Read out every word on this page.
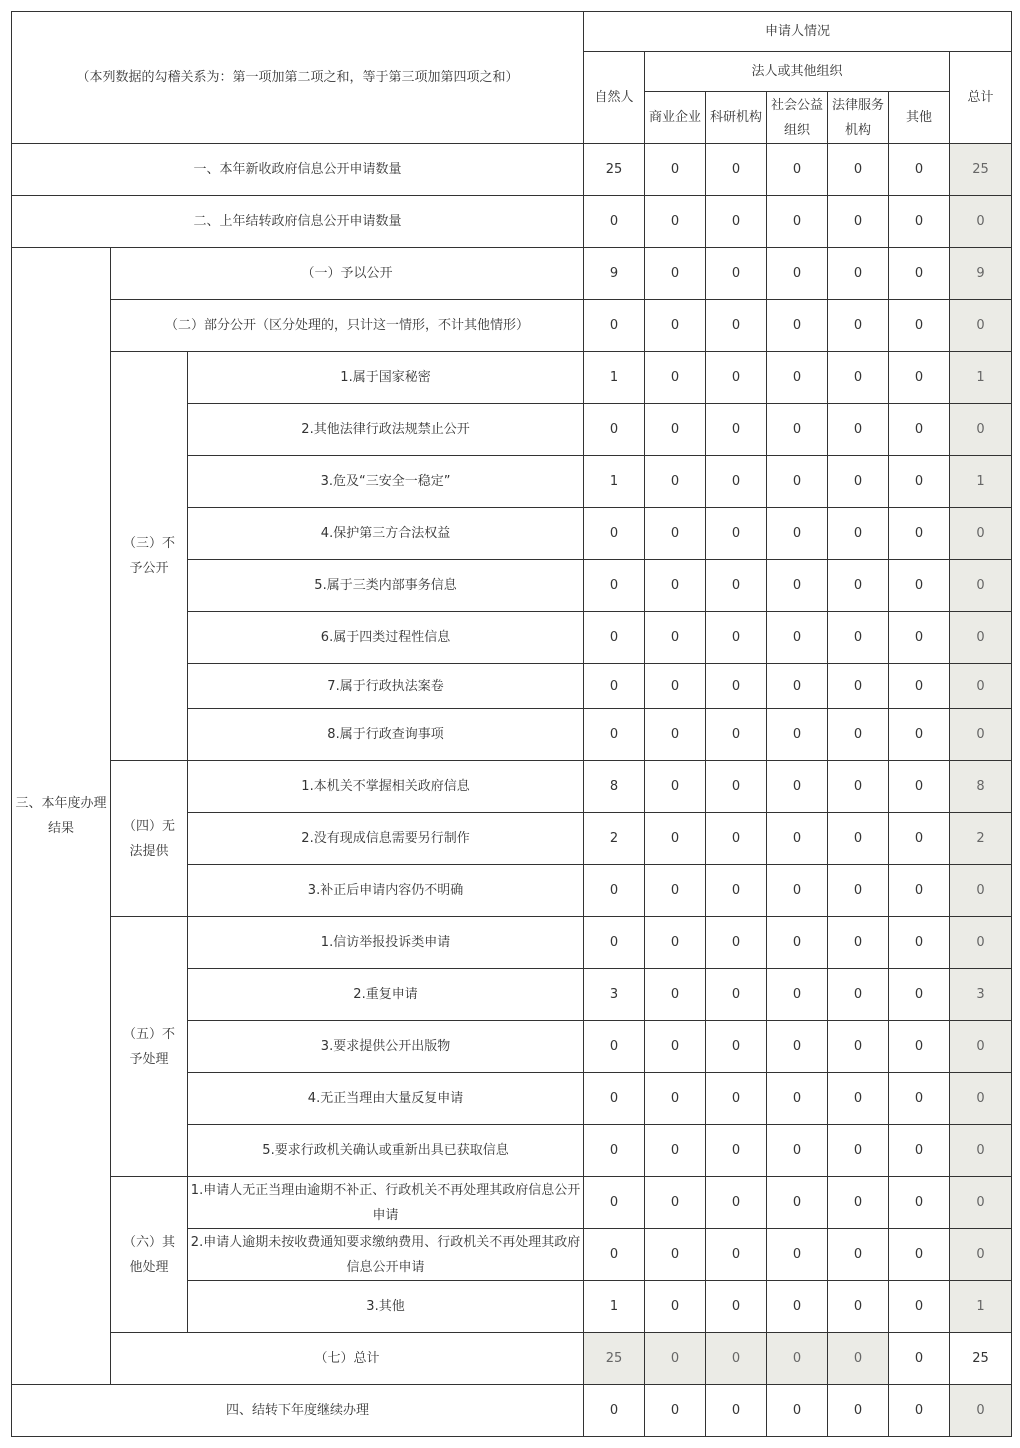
（本列数据的勾稽关系为：第一项加第二项之和，等于第三项加第四项之和）			申请人情况						
			自然人	法人或其他组织					总计
				商业企业	科研机构	社会公益组织	法律服务机构	其他	
一、本年新收政府信息公开申请数量			25	0	0	0	0	0	25
二、上年结转政府信息公开申请数量			0	0	0	0	0	0	0
三、本年度办理结果	（一）予以公开		9	0	0	0	0	0	9
	（二）部分公开（区分处理的，只计这一情形，不计其他情形）		0	0	0	0	0	0	0
	（三）不予公开	1.属于国家秘密	1	0	0	0	0	0	1
		2.其他法律行政法规禁止公开	0	0	0	0	0	0	0
		3.危及“三安全一稳定”	1	0	0	0	0	0	1
		4.保护第三方合法权益	0	0	0	0	0	0	0
		5.属于三类内部事务信息	0	0	0	0	0	0	0
		6.属于四类过程性信息	0	0	0	0	0	0	0
		7.属于行政执法案卷	0	0	0	0	0	0	0
		8.属于行政查询事项	0	0	0	0	0	0	0
	（四）无法提供	1.本机关不掌握相关政府信息	8	0	0	0	0	0	8
		2.没有现成信息需要另行制作	2	0	0	0	0	0	2
		3.补正后申请内容仍不明确	0	0	0	0	0	0	0
	（五）不予处理	1.信访举报投诉类申请	0	0	0	0	0	0	0
		2.重复申请	3	0	0	0	0	0	3
		3.要求提供公开出版物	0	0	0	0	0	0	0
		4.无正当理由大量反复申请	0	0	0	0	0	0	0
		5.要求行政机关确认或重新出具已获取信息	0	0	0	0	0	0	0
	（六）其他处理	1.申请人无正当理由逾期不补正、行政机关不再处理其政府信息公开申请	0	0	0	0	0	0	0
		2.申请人逾期未按收费通知要求缴纳费用、行政机关不再处理其政府信息公开申请	0	0	0	0	0	0	0
		3.其他	1	0	0	0	0	0	1
	（七）总计		25	0	0	0	0	0	25
四、结转下年度继续办理			0	0	0	0	0	0	0
